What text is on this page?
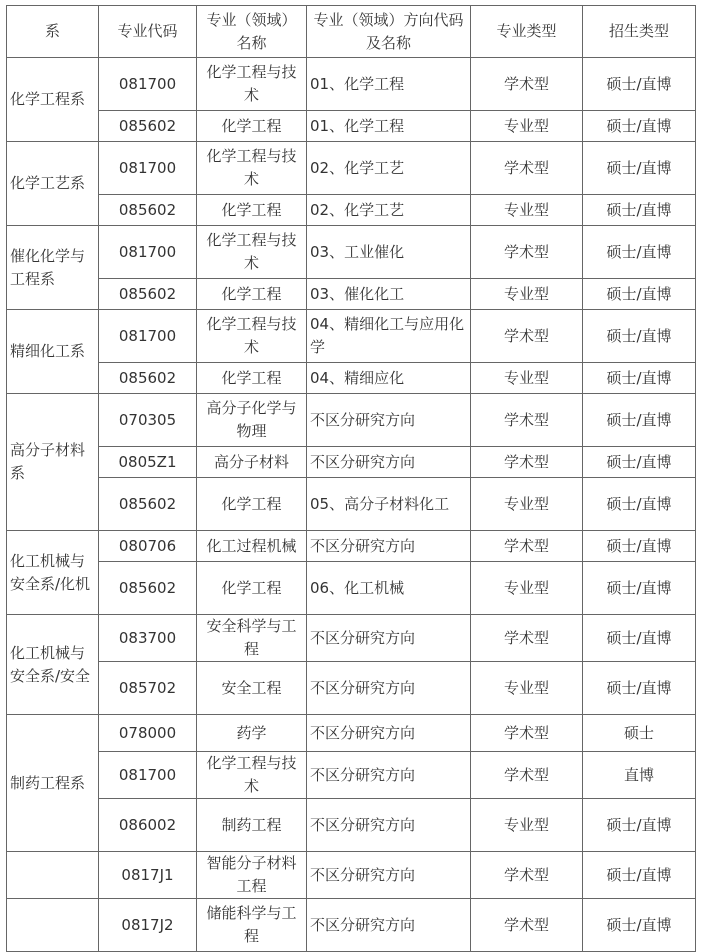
系	专业代码	专业（领域）名称	专业（领域）方向代码及名称	专业类型	招生类型
化学工程系	081700	化学工程与技术	01、化学工程	学术型	硕士/直博
	085602	化学工程	01、化学工程	专业型	硕士/直博
化学工艺系	081700	化学工程与技术	02、化学工艺	学术型	硕士/直博
	085602	化学工程	02、化学工艺	专业型	硕士/直博
催化化学与工程系	081700	化学工程与技术	03、工业催化	学术型	硕士/直博
	085602	化学工程	03、催化化工	专业型	硕士/直博
精细化工系	081700	化学工程与技术	04、精细化工与应用化学	学术型	硕士/直博
	085602	化学工程	04、精细应化	专业型	硕士/直博
高分子材料系	070305	高分子化学与物理	不区分研究方向	学术型	硕士/直博
	0805Z1	高分子材料	不区分研究方向	学术型	硕士/直博
	085602	化学工程	05、高分子材料化工	专业型	硕士/直博
化工机械与安全系/化机	080706	化工过程机械	不区分研究方向	学术型	硕士/直博
	085602	化学工程	06、化工机械	专业型	硕士/直博
化工机械与安全系/安全	083700	安全科学与工程	不区分研究方向	学术型	硕士/直博
	085702	安全工程	不区分研究方向	专业型	硕士/直博
制药工程系	078000	药学	不区分研究方向	学术型	硕士
	081700	化学工程与技术	不区分研究方向	学术型	直博
	086002	制药工程	不区分研究方向	专业型	硕士/直博
	0817J1	智能分子材料工程	不区分研究方向	学术型	硕士/直博
	0817J2	储能科学与工程	不区分研究方向	学术型	硕士/直博
